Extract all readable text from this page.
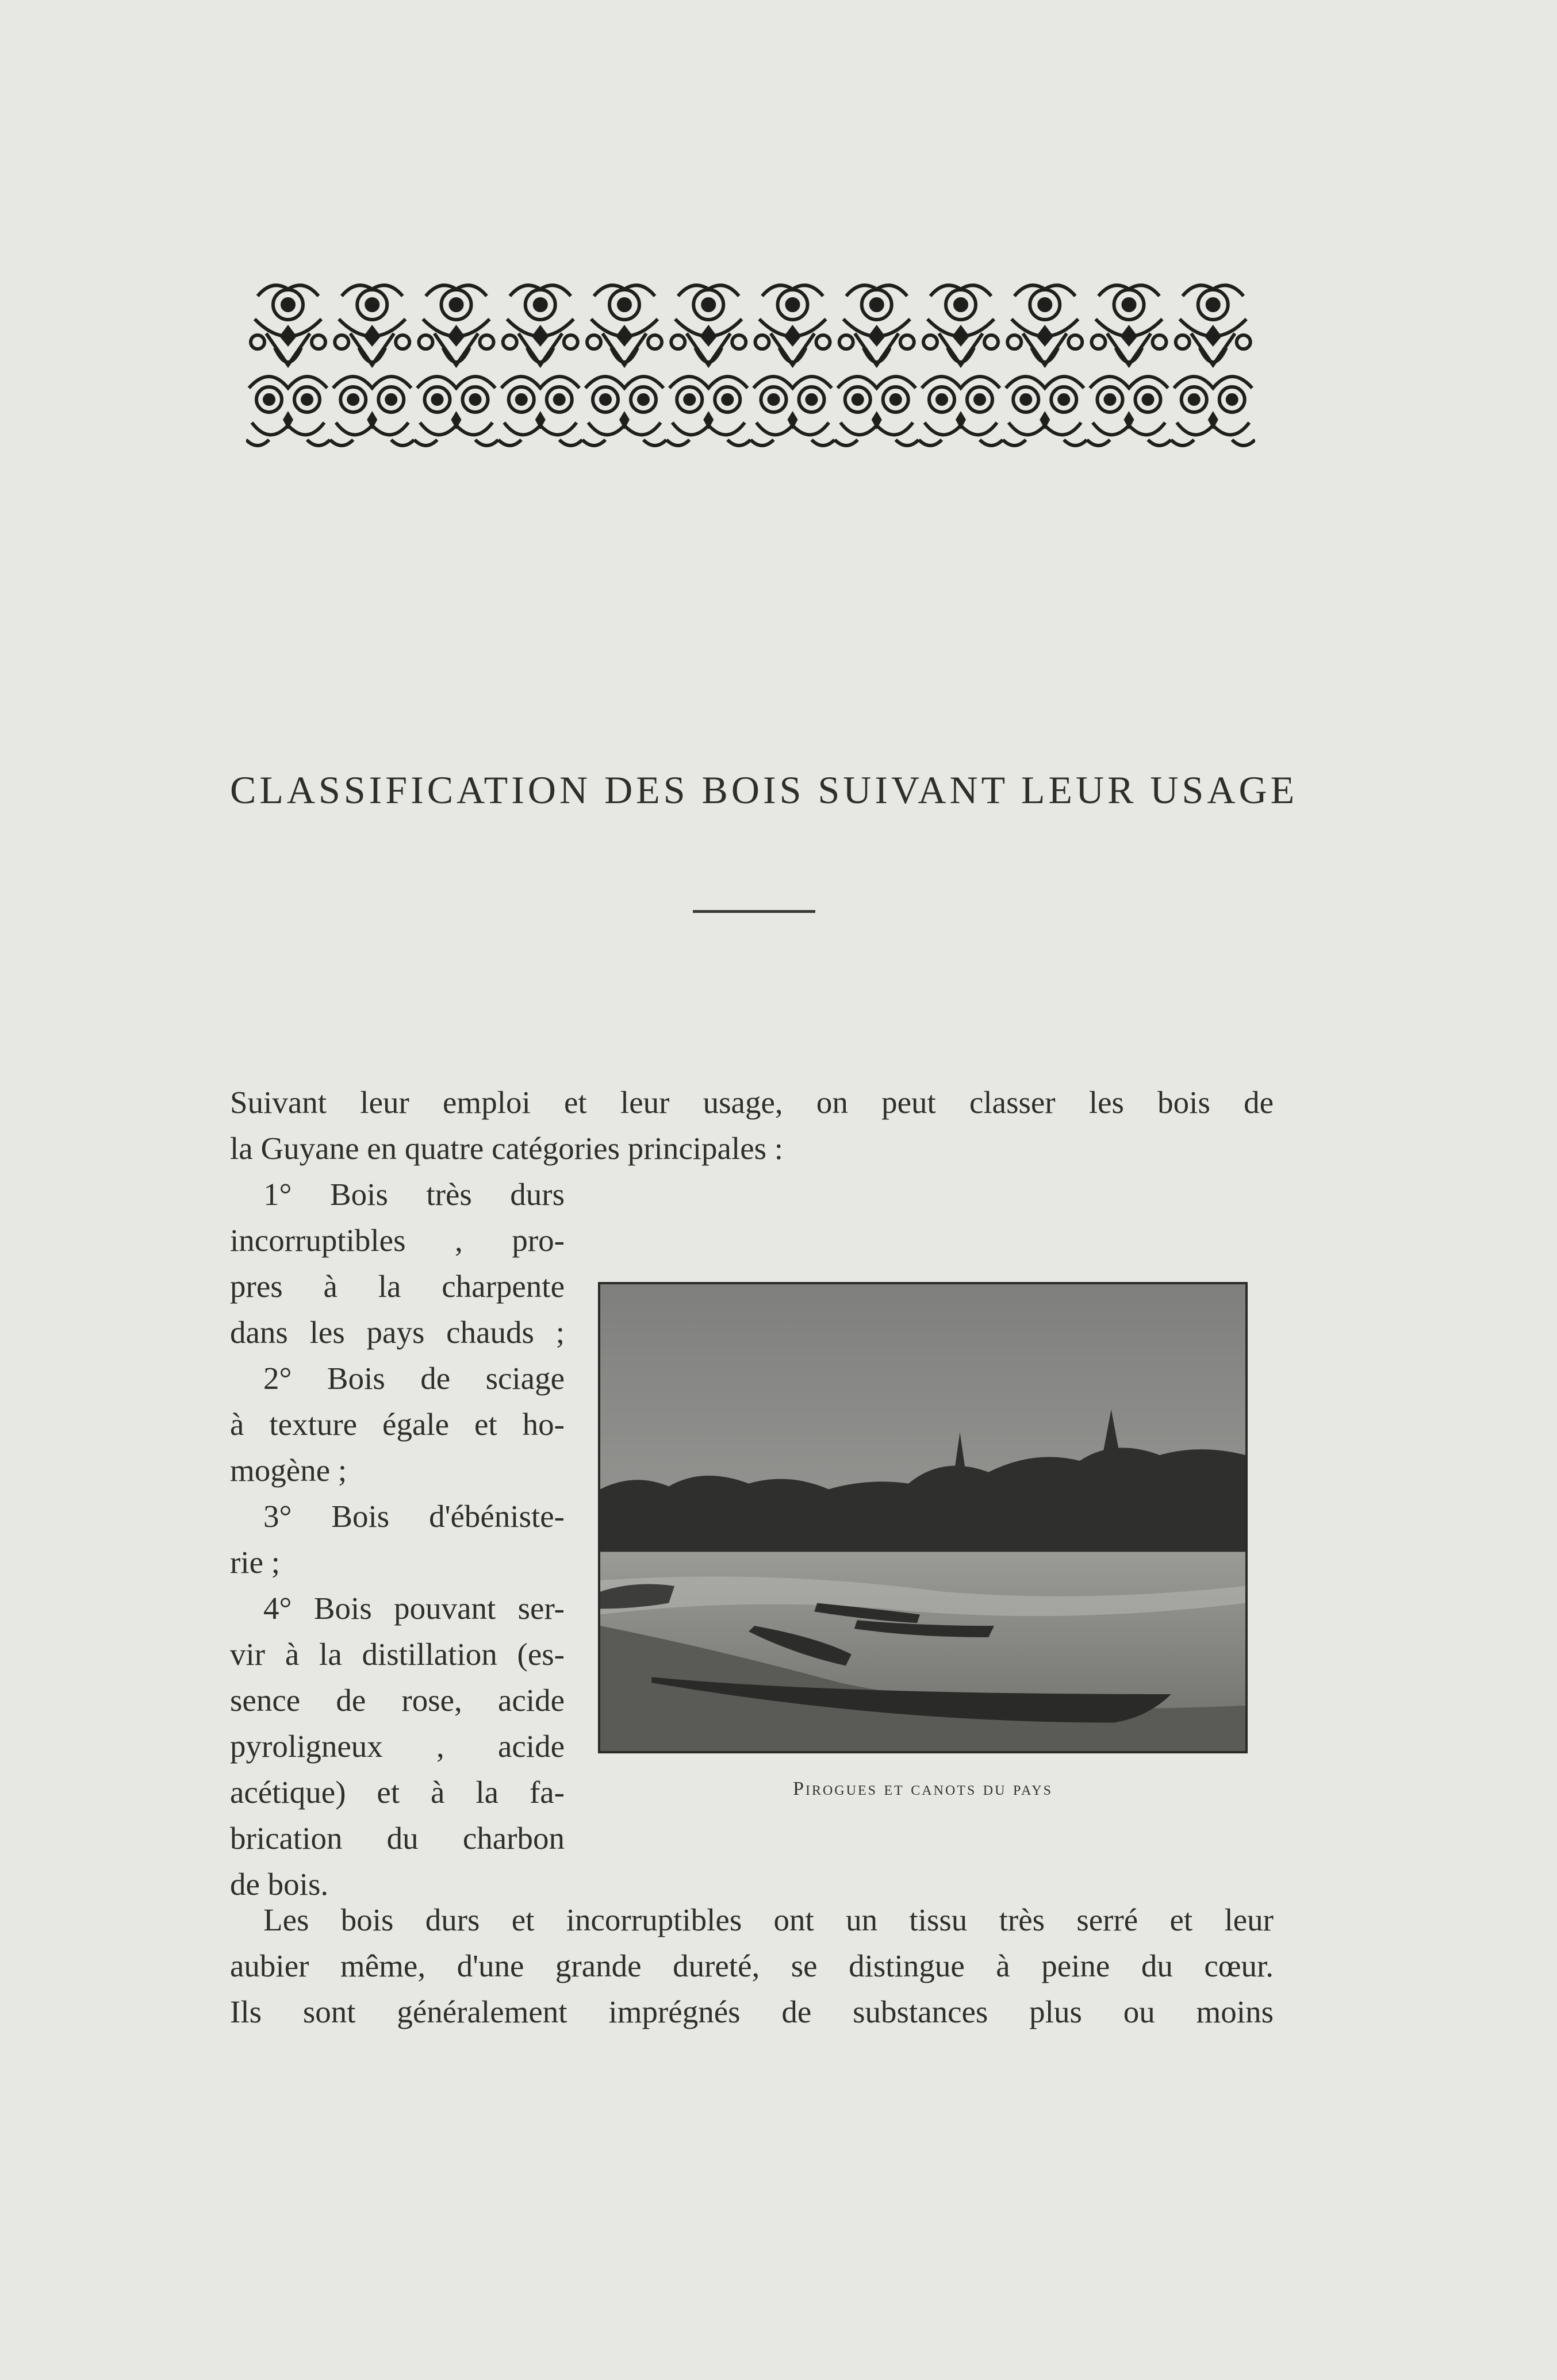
CLASSIFICATION DES BOIS SUIVANT LEUR USAGE
Suivant leur emploi et leur usage, on peut classer les bois de
la Guyane en quatre catégories principales :
1° Bois très durs
incorruptibles , pro-
pres à la charpente
dans les pays chauds ;
2° Bois de sciage
à texture égale et ho-
mogène ;
3° Bois d'ébéniste-
rie ;
4° Bois pouvant ser-
vir à la distillation (es-
sence de rose, acide
pyroligneux , acide
acétique) et à la fa-
brication du charbon
de bois.
Pirogues et canots du pays
Les bois durs et incorruptibles ont un tissu très serré et leur
aubier même, d'une grande dureté, se distingue à peine du cœur.
Ils sont généralement imprégnés de substances plus ou moins
